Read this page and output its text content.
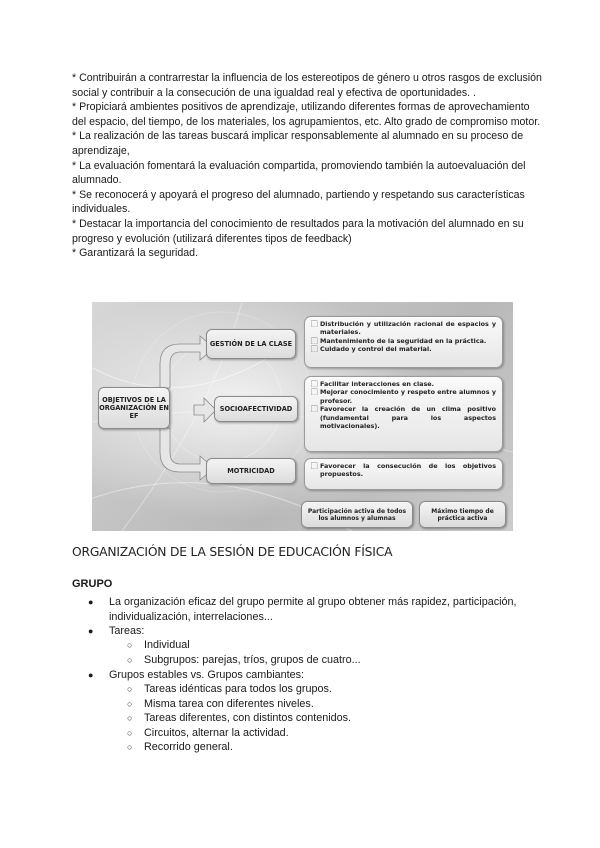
* Contribuirán a contrarrestar la influencia de los estereotipos de género u otros rasgos de exclusión social y contribuir a la consecución de una igualdad real y efectiva de oportunidades. .

* Propiciará ambientes positivos de aprendizaje, utilizando diferentes formas de aprovechamiento del espacio, del tiempo, de los materiales, los agrupamientos, etc. Alto grado de compromiso motor.

* La realización de las tareas buscará implicar responsablemente al alumnado en su proceso de aprendizaje,

* La evaluación fomentará la evaluación compartida, promoviendo también la autoevaluación del alumnado.

* Se reconocerá y apoyará el progreso del alumnado, partiendo y respetando sus características individuales.

* Destacar la importancia del conocimiento de resultados para la motivación del alumnado en su progreso y evolución (utilizará diferentes tipos de feedback)

* Garantizará la seguridad.

OBJETIVOS DE LA ORGANIZACIÓN EN EF
GESTIÓN DE LA CLASE
SOCIOAFECTIVIDAD
MOTRICIDAD
⃞ Distribución y utilización racional de espacios y materiales.
⃞ Mantenimiento de la seguridad en la práctica.
⃞ Cuidado y control del material.
⃞ Facilitar interacciones en clase.
⃞ Mejorar conocimiento y respeto entre alumnos y profesor.
⃞ Favorecer la creación de un clima positivo (fundamental para los aspectos motivacionales).
⃞ Favorecer la consecución de los objetivos propuestos.
Participación activa de todos los alumnos y alumnas
Máximo tiempo de práctica activa
ORGANIZACIÓN DE LA SESIÓN DE EDUCACIÓN FÍSICA
GRUPO
● La organización eficaz del grupo permite al grupo obtener más rapidez, participación, individualización, interrelaciones...
● Tareas:
○ Individual
○ Subgrupos: parejas, tríos, grupos de cuatro...
● Grupos estables vs. Grupos cambiantes:
○ Tareas idénticas para todos los grupos.
○ Misma tarea con diferentes niveles.
○ Tareas diferentes, con distintos contenidos.
○ Circuitos, alternar la actividad.
○ Recorrido general.
